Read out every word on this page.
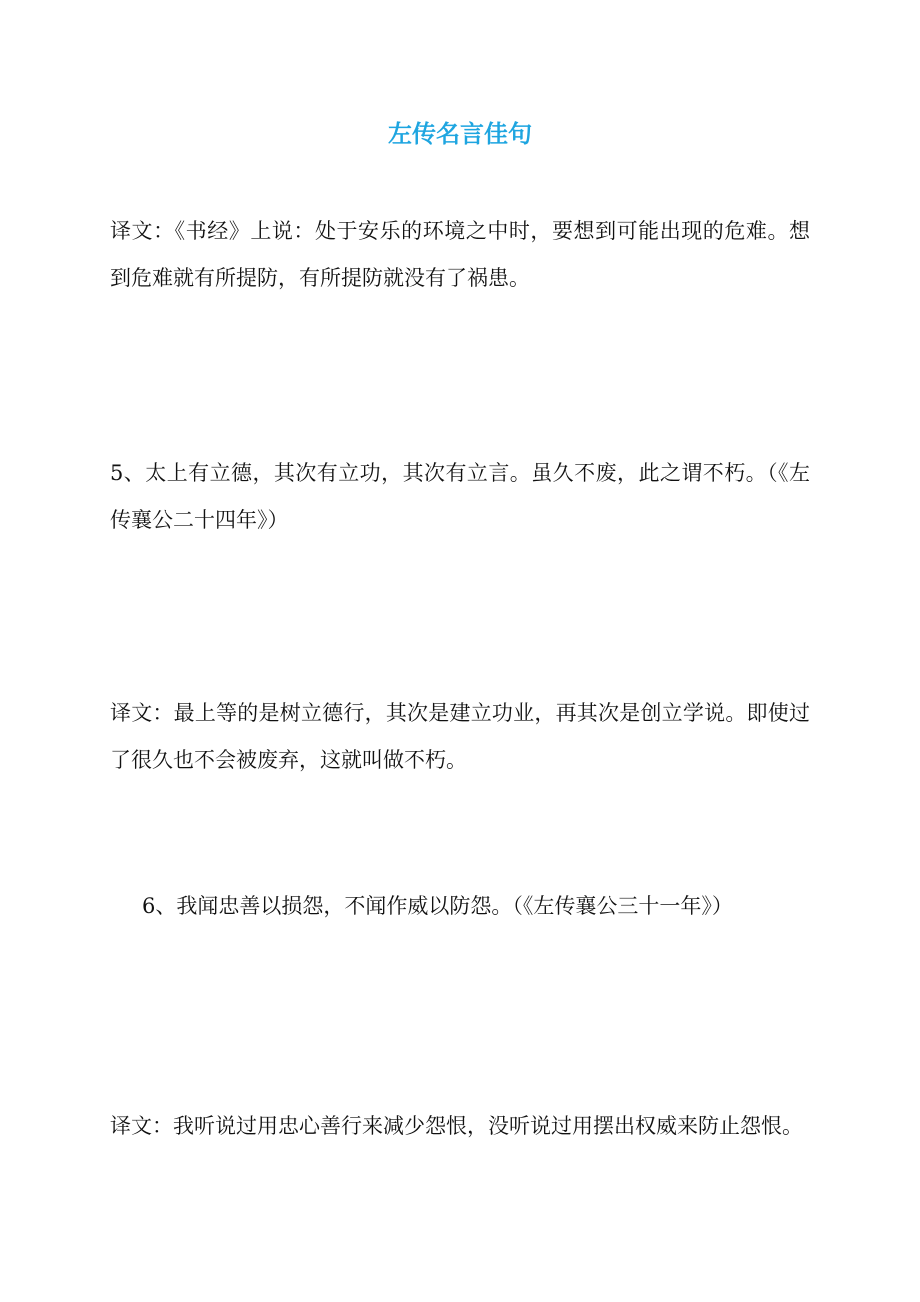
左传名言佳句
译文：《书经》上说：处于安乐的环境之中时，要想到可能出现的危难。想到危难就有所提防，有所提防就没有了祸患。
5、太上有立德，其次有立功，其次有立言。虽久不废，此之谓不朽。（《左传襄公二十四年》）
译文：最上等的是树立德行，其次是建立功业，再其次是创立学说。即使过了很久也不会被废弃，这就叫做不朽。
6、我闻忠善以损怨，不闻作威以防怨。（《左传襄公三十一年》）
译文：我听说过用忠心善行来减少怨恨，没听说过用摆出权威来防止怨恨。
